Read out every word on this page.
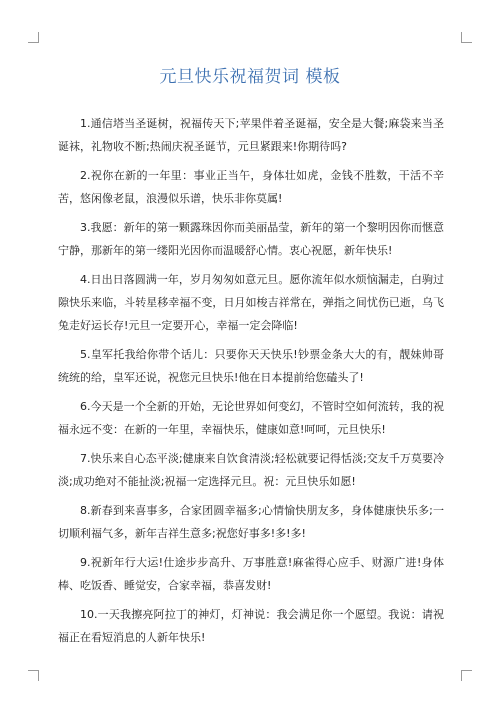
元旦快乐祝福贺词 模板

1.通信塔当圣诞树，祝福传天下;苹果伴着圣诞福，安全是大餐;麻袋来当圣诞袜，礼物收不断;热闹庆祝圣诞节，元旦紧跟来!你期待吗?

2.祝你在新的一年里：事业正当午，身体壮如虎，金钱不胜数，干活不辛苦，悠闲像老鼠，浪漫似乐谱，快乐非你莫属!

3.我愿：新年的第一颗露珠因你而美丽晶莹，新年的第一个黎明因你而惬意宁静，那新年的第一缕阳光因你而温暖舒心情。衷心祝愿，新年快乐!

4.日出日落圆满一年，岁月匆匆如意元旦。愿你流年似水烦恼漏走，白驹过隙快乐来临，斗转星移幸福不变，日月如梭吉祥常在，弹指之间忧伤已逝，乌飞兔走好运长存!元旦一定要开心，幸福一定会降临!

5.皇军托我给你带个话儿：只要你天天快乐!钞票金条大大的有，靓妹帅哥统统的给，皇军还说，祝您元旦快乐!他在日本提前给您磕头了!

6.今天是一个全新的开始，无论世界如何变幻，不管时空如何流转，我的祝福永远不变：在新的一年里，幸福快乐，健康如意!呵呵，元旦快乐!

7.快乐来自心态平淡;健康来自饮食清淡;轻松就要记得恬淡;交友千万莫要冷淡;成功绝对不能扯淡;祝福一定选择元旦。祝：元旦快乐如愿!

8.新春到来喜事多，合家团圆幸福多;心情愉快朋友多，身体健康快乐多;一切顺利福气多，新年吉祥生意多;祝您好事多!多!多!

9.祝新年行大运!仕途步步高升、万事胜意!麻雀得心应手、财源广进!身体棒、吃饭香、睡觉安，合家幸福，恭喜发财!

10.一天我擦亮阿拉丁的神灯，灯神说：我会满足你一个愿望。我说：请祝福正在看短消息的人新年快乐!
